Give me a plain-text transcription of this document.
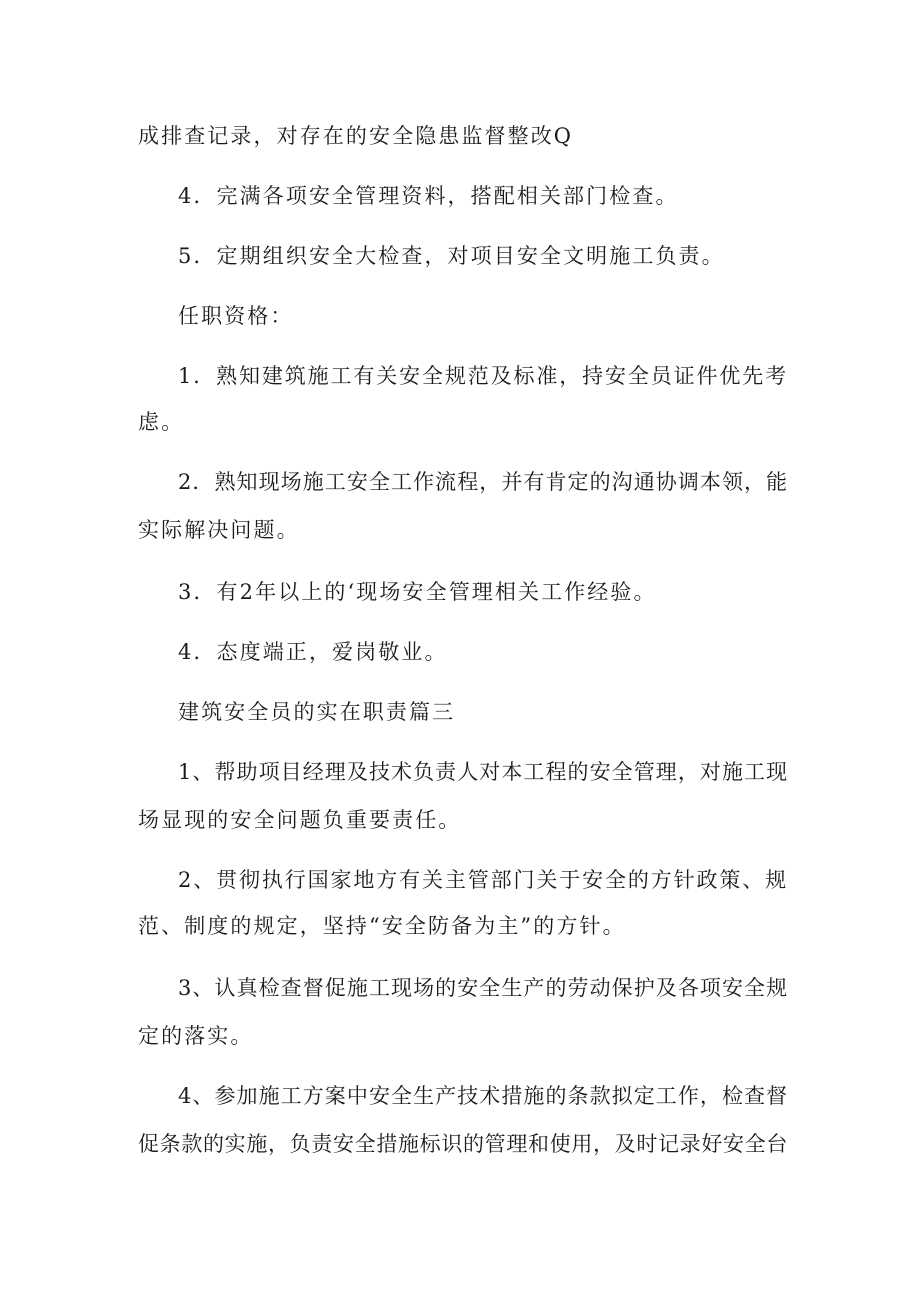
成排查记录，对存在的安全隐患监督整改Q
4．完满各项安全管理资料，搭配相关部门检查。
5．定期组织安全大检查，对项目安全文明施工负责。
任职资格：
1．熟知建筑施工有关安全规范及标准，持安全员证件优先考
虑。
2．熟知现场施工安全工作流程，并有肯定的沟通协调本领，能
实际解决问题。
3．有2年以上的‘现场安全管理相关工作经验。
4．态度端正，爱岗敬业。
建筑安全员的实在职责篇三
1、帮助项目经理及技术负责人对本工程的安全管理，对施工现
场显现的安全问题负重要责任。
2、贯彻执行国家地方有关主管部门关于安全的方针政策、规
范、制度的规定，坚持“安全防备为主”的方针。
3、认真检查督促施工现场的安全生产的劳动保护及各项安全规
定的落实。
4、参加施工方案中安全生产技术措施的条款拟定工作，检查督
促条款的实施，负责安全措施标识的管理和使用，及时记录好安全台
